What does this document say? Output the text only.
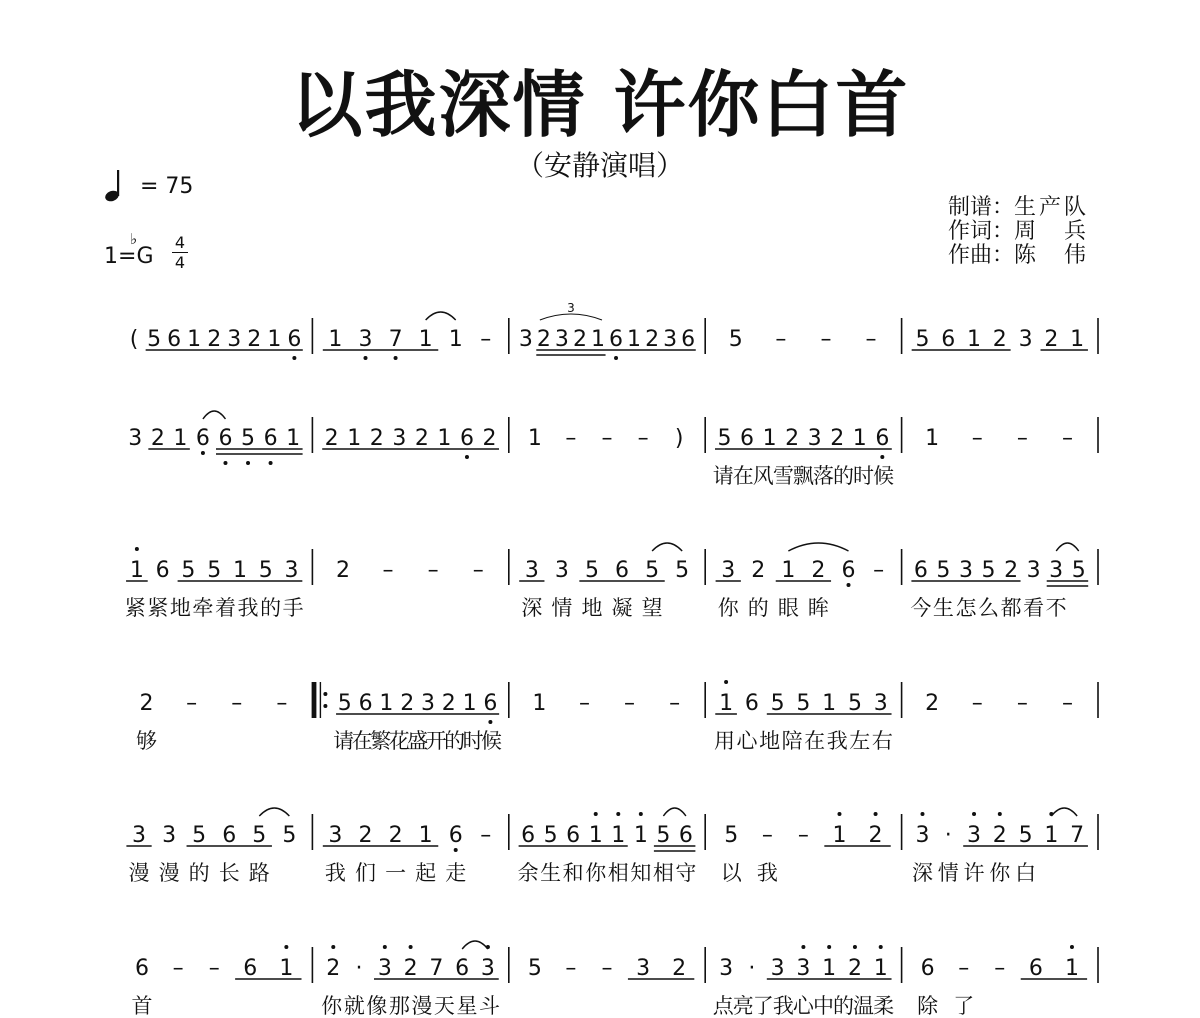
以我深情 许你白首
（安静演唱）
= 75
1=G
♭ 4
4
制谱：生产队
作词：周兵
作曲：陈伟
( 5 6 1 2 3 2 1 6 1 3 7 1 1 – 3 2 3 2 1
3
6 1 2 3 6 5 – – – 5 6 1 2 3 2 1
3 2 1 6 6 5 6 1 2 1 2 3 2 1 6 2 1 – – – ) 5 6 1 2 3 2 1 6
请 在 风 雪 飘 落 的 时 候
1 – – –
1 6 5 5 1 5 3
紧 紧 地 牵 着 我 的 手
2 – – – 3 3 5 6 5 5
深 情 地 凝 望
3 2 1 2 6 –
你 的 眼 眸
6 5 3 5 2 3 3 5
今 生 怎 么 都 看 不
2 – – –
够
5 6 1 2 3 2 1 6
请
在
繁
花
盛
开
的
时
候
1 – – – 1 6 5 5 1 5 3
用 心 地 陪 在 我 左 右
2 – – –
3 3 5 6 5 5
漫 漫 的 长 路
3 2 2 1 6 –
我 们 一 起 走
6 5 6 1 1 1 5 6
余 生 和 你 相 知 相 守
5 – – 1 2
以 我
3 · 3 2 5 1 7
深 情 许 你 白
6 – – 6 1
首
2 · 3 2 7 6 3
你 就 像 那 漫 天 星 斗
5 – – 3 2 3 · 3 3 1 2 1
点 亮 了 我 心 中 的 温 柔
6 – – 6 1
除 了
